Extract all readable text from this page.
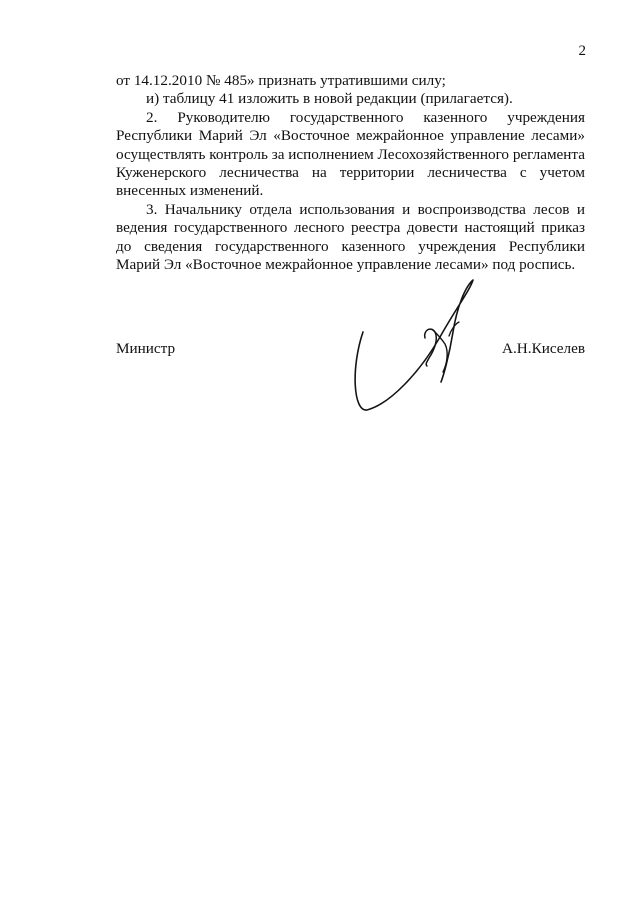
2

от 14.12.2010 № 485» признать утратившими силу;

и) таблицу 41 изложить в новой редакции (прилагается).

2. Руководителю государственного казенного учреждения Республики Марий Эл «Восточное межрайонное управление лесами» осуществлять контроль за исполнением Лесохозяйственного регламента Куженерского лесничества на территории лесничества с учетом внесенных изменений.

3. Начальнику отдела использования и воспроизводства лесов и ведения государственного лесного реестра довести настоящий приказ до сведения государственного казенного учреждения Республики Марий Эл «Восточное межрайонное управление лесами» под роспись.

Министр	А.Н.Киселев
